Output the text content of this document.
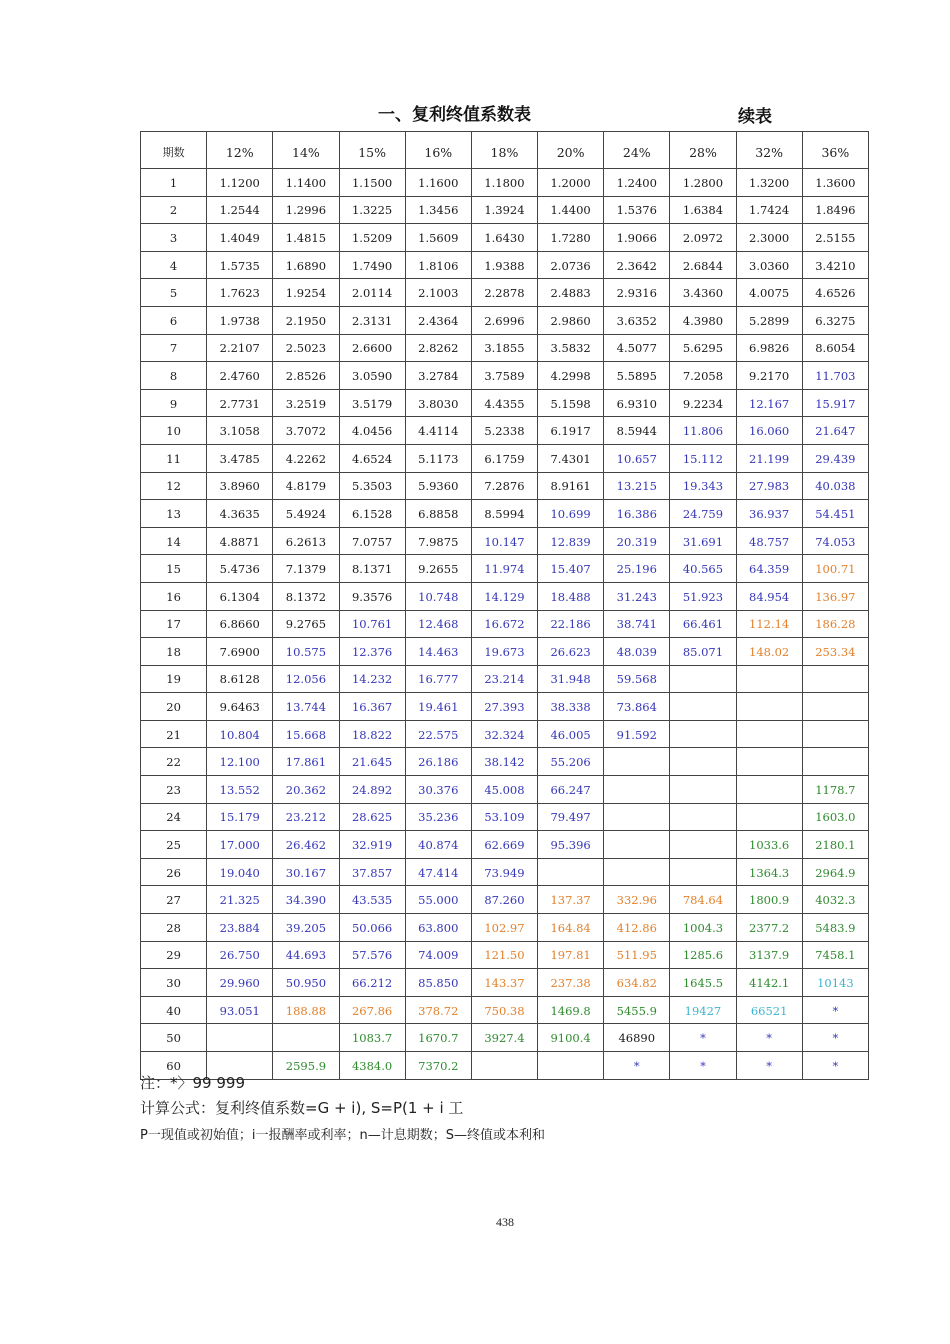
一、复利终值系数表	续表
期数	12%	14%	15%	16%	18%	20%	24%	28%	32%	36%
1	1.1200	1.1400	1.1500	1.1600	1.1800	1.2000	1.2400	1.2800	1.3200	1.3600
2	1.2544	1.2996	1.3225	1.3456	1.3924	1.4400	1.5376	1.6384	1.7424	1.8496
3	1.4049	1.4815	1.5209	1.5609	1.6430	1.7280	1.9066	2.0972	2.3000	2.5155
4	1.5735	1.6890	1.7490	1.8106	1.9388	2.0736	2.3642	2.6844	3.0360	3.4210
5	1.7623	1.9254	2.0114	2.1003	2.2878	2.4883	2.9316	3.4360	4.0075	4.6526
6	1.9738	2.1950	2.3131	2.4364	2.6996	2.9860	3.6352	4.3980	5.2899	6.3275
7	2.2107	2.5023	2.6600	2.8262	3.1855	3.5832	4.5077	5.6295	6.9826	8.6054
8	2.4760	2.8526	3.0590	3.2784	3.7589	4.2998	5.5895	7.2058	9.2170	11.703
9	2.7731	3.2519	3.5179	3.8030	4.4355	5.1598	6.9310	9.2234	12.167	15.917
10	3.1058	3.7072	4.0456	4.4114	5.2338	6.1917	8.5944	11.806	16.060	21.647
11	3.4785	4.2262	4.6524	5.1173	6.1759	7.4301	10.657	15.112	21.199	29.439
12	3.8960	4.8179	5.3503	5.9360	7.2876	8.9161	13.215	19.343	27.983	40.038
13	4.3635	5.4924	6.1528	6.8858	8.5994	10.699	16.386	24.759	36.937	54.451
14	4.8871	6.2613	7.0757	7.9875	10.147	12.839	20.319	31.691	48.757	74.053
15	5.4736	7.1379	8.1371	9.2655	11.974	15.407	25.196	40.565	64.359	100.71
16	6.1304	8.1372	9.3576	10.748	14.129	18.488	31.243	51.923	84.954	136.97
17	6.8660	9.2765	10.761	12.468	16.672	22.186	38.741	66.461	112.14	186.28
18	7.6900	10.575	12.376	14.463	19.673	26.623	48.039	85.071	148.02	253.34
19	8.6128	12.056	14.232	16.777	23.214	31.948	59.568			
20	9.6463	13.744	16.367	19.461	27.393	38.338	73.864			
21	10.804	15.668	18.822	22.575	32.324	46.005	91.592			
22	12.100	17.861	21.645	26.186	38.142	55.206				
23	13.552	20.362	24.892	30.376	45.008	66.247				1178.7
24	15.179	23.212	28.625	35.236	53.109	79.497				1603.0
25	17.000	26.462	32.919	40.874	62.669	95.396			1033.6	2180.1
26	19.040	30.167	37.857	47.414	73.949				1364.3	2964.9
27	21.325	34.390	43.535	55.000	87.260	137.37	332.96	784.64	1800.9	4032.3
28	23.884	39.205	50.066	63.800	102.97	164.84	412.86	1004.3	2377.2	5483.9
29	26.750	44.693	57.576	74.009	121.50	197.81	511.95	1285.6	3137.9	7458.1
30	29.960	50.950	66.212	85.850	143.37	237.38	634.82	1645.5	4142.1	10143
40	93.051	188.88	267.86	378.72	750.38	1469.8	5455.9	19427	66521	*
50			1083.7	1670.7	3927.4	9100.4	46890	*	*	*
60		2595.9	4384.0	7370.2			*	*	*	*
注：*〉99 999
计算公式：复利终值系数=G + i), S=P(1 + i 工
P一现值或初始值；i一报酬率或利率；n—计息期数；S—终值或本利和
438
